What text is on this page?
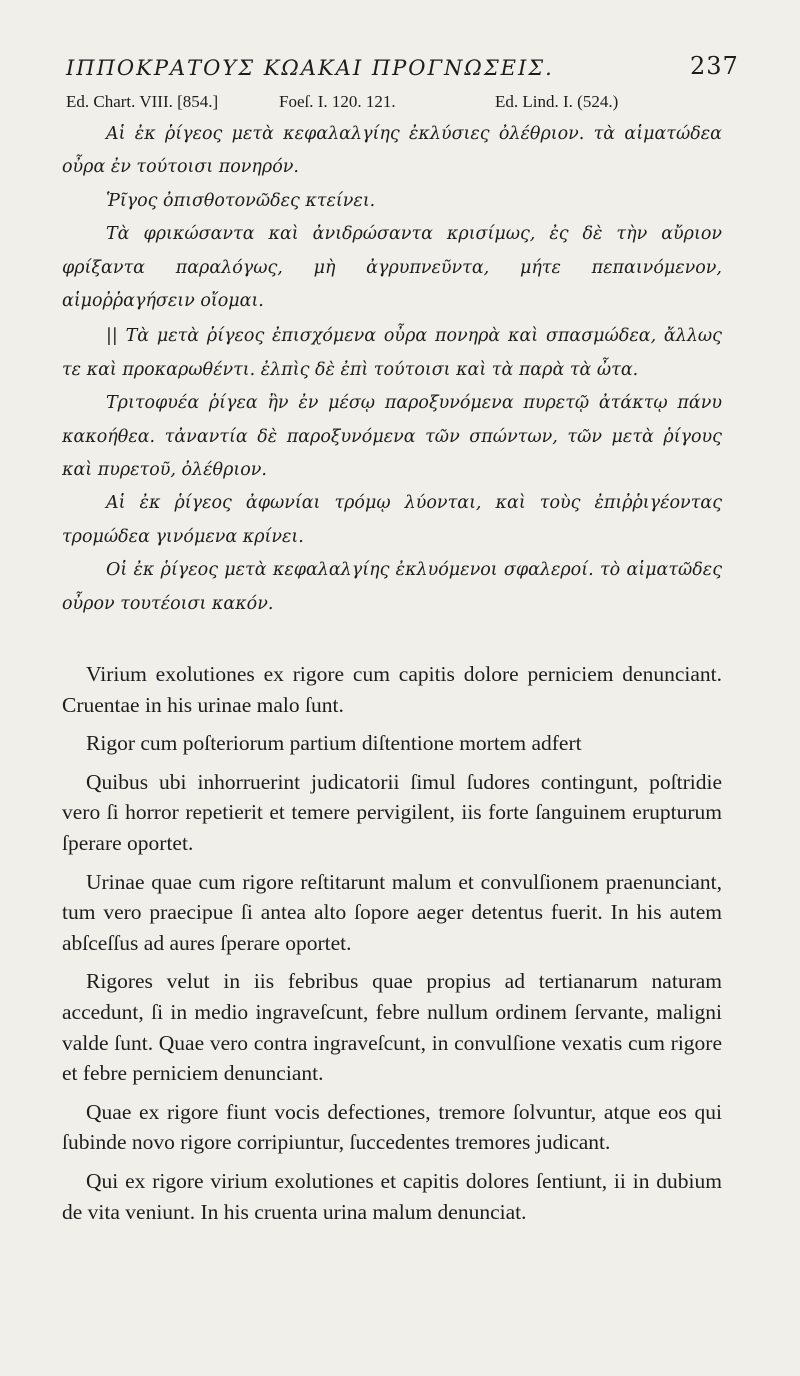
ΙΠΠΟΚΡΑΤΟΥΣ ΚΩΑΚΑΙ ΠΡΟΓΝΩΣΕΙΣ.	237
Ed. Chart. VIII. [854.]	Foeſ. I. 120. 121.	Ed. Lind. I. (524.)

Αἱ ἐκ ῥίγεος μετὰ κεφαλαλγίης ἐκλύσιες ὀλέθριον. τὰ αἱματώδεα οὖρα ἐν τούτοισι πονηρόν.

Ῥῖγος ὀπισθοτονῶδες κτείνει.

Τὰ φρικώσαντα καὶ ἀνιδρώσαντα κρισίμως, ἐς δὲ τὴν αὔριον φρίξαντα παραλόγως, μὴ ἀγρυπνεῦντα, μήτε πεπαινόμενον, αἱμοῤῥαγήσειν οἴομαι.

|| Τὰ μετὰ ῥίγεος ἐπισχόμενα οὖρα πονηρὰ καὶ σπασμώδεα, ἄλλως τε καὶ προκαρωθέντι. ἐλπὶς δὲ ἐπὶ τούτοισι καὶ τὰ παρὰ τὰ ὦτα.

Τριτοφυέα ῥίγεα ἢν ἐν μέσῳ παροξυνόμενα πυρετῷ ἀτάκτῳ πάνυ κακοήθεα. τἀναντία δὲ παροξυνόμενα τῶν σπώντων, τῶν μετὰ ῥίγους καὶ πυρετοῦ, ὀλέθριον.

Αἱ ἐκ ῥίγεος ἀφωνίαι τρόμῳ λύονται, καὶ τοὺς ἐπιῤῥιγέοντας τρομώδεα γινόμενα κρίνει.

Οἱ ἐκ ῥίγεος μετὰ κεφαλαλγίης ἐκλυόμενοι σφαλεροί. τὸ αἱματῶδες οὖρον τουτέοισι κακόν.

Virium exolutiones ex rigore cum capitis dolore perniciem denunciant. Cruentae in his urinae malo ſunt.

Rigor cum poſteriorum partium diſtentione mortem adfert

Quibus ubi inhorruerint judicatorii ſimul ſudores contingunt, poſtridie vero ſi horror repetierit et temere pervigilent, iis forte ſanguinem erupturum ſperare oportet.

Urinae quae cum rigore reſtitarunt malum et convulſionem praenunciant, tum vero praecipue ſi antea alto ſopore aeger detentus fuerit. In his autem abſceſſus ad aures ſperare oportet.

Rigores velut in iis febribus quae propius ad tertianarum naturam accedunt, ſi in medio ingraveſcunt, febre nullum ordinem ſervante, maligni valde ſunt. Quae vero contra ingraveſcunt, in convulſione vexatis cum rigore et febre perniciem denunciant.

Quae ex rigore fiunt vocis defectiones, tremore ſolvuntur, atque eos qui ſubinde novo rigore corripiuntur, ſuccedentes tremores judicant.

Qui ex rigore virium exolutiones et capitis dolores ſentiunt, ii in dubium de vita veniunt. In his cruenta urina malum denunciat.
